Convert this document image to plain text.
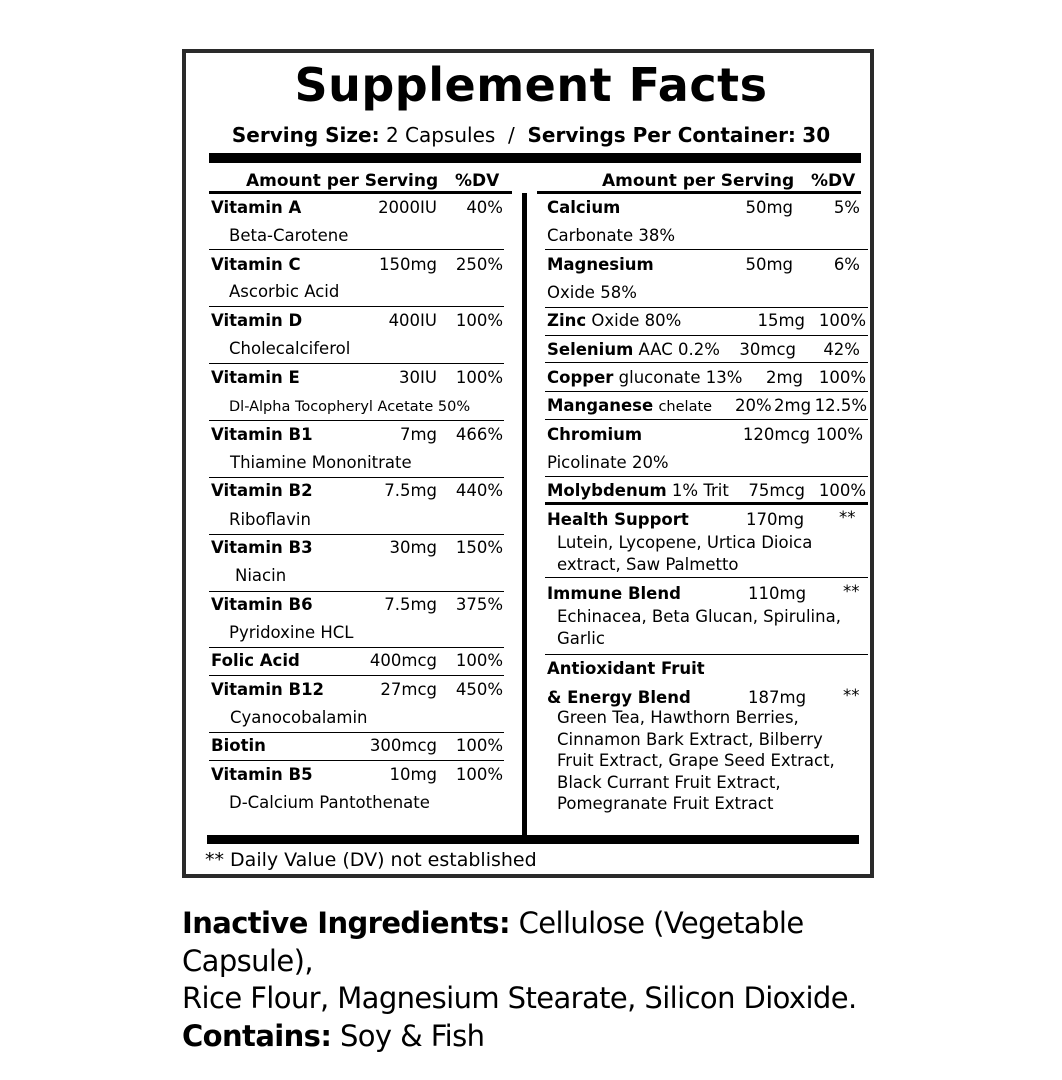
Supplement Facts
Serving Size: 2 Capsules / Servings Per Container: 30
Amount per Serving %DV	Amount per Serving %DV
Vitamin A	2000IU	40%
Beta-Carotene
Vitamin C	150mg	250%
Ascorbic Acid
Vitamin D	400IU	100%
Cholecalciferol
Vitamin E	30IU	100%
Dl-Alpha Tocopheryl Acetate 50%
Vitamin B1	7mg	466%
Thiamine Mononitrate
Vitamin B2	7.5mg	440%
Riboflavin
Vitamin B3	30mg	150%
Niacin
Vitamin B6	7.5mg	375%
Pyridoxine HCL
Folic Acid	400mcg	100%
Vitamin B12	27mcg	450%
Cyanocobalamin
Biotin	300mcg	100%
Vitamin B5	10mg	100%
D-Calcium Pantothenate
Calcium	50mg	5%
Carbonate 38%
Magnesium	50mg	6%
Oxide 58%
Zinc Oxide 80%	15mg 100%
Selenium AAC 0.2% 30mcg	42%
Copper gluconate 13%	2mg 100%
Manganese chelate 20% 2mg 12.5%
Chromium	120mcg 100%
Picolinate 20%
Molybdenum 1% Trit	75mcg 100%
Health Support	170mg **
Lutein, Lycopene, Urtica Dioica
extract, Saw Palmetto
Immune Blend	110mg **
Echinacea, Beta Glucan, Spirulina,
Garlic
Antioxidant Fruit
& Energy Blend	187mg **
Green Tea, Hawthorn Berries,
Cinnamon Bark Extract, Bilberry
Fruit Extract, Grape Seed Extract,
Black Currant Fruit Extract,
Pomegranate Fruit Extract
** Daily Value (DV) not established
Inactive Ingredients: Cellulose (Vegetable Capsule),
Rice Flour, Magnesium Stearate, Silicon Dioxide.
Contains: Soy & Fish
